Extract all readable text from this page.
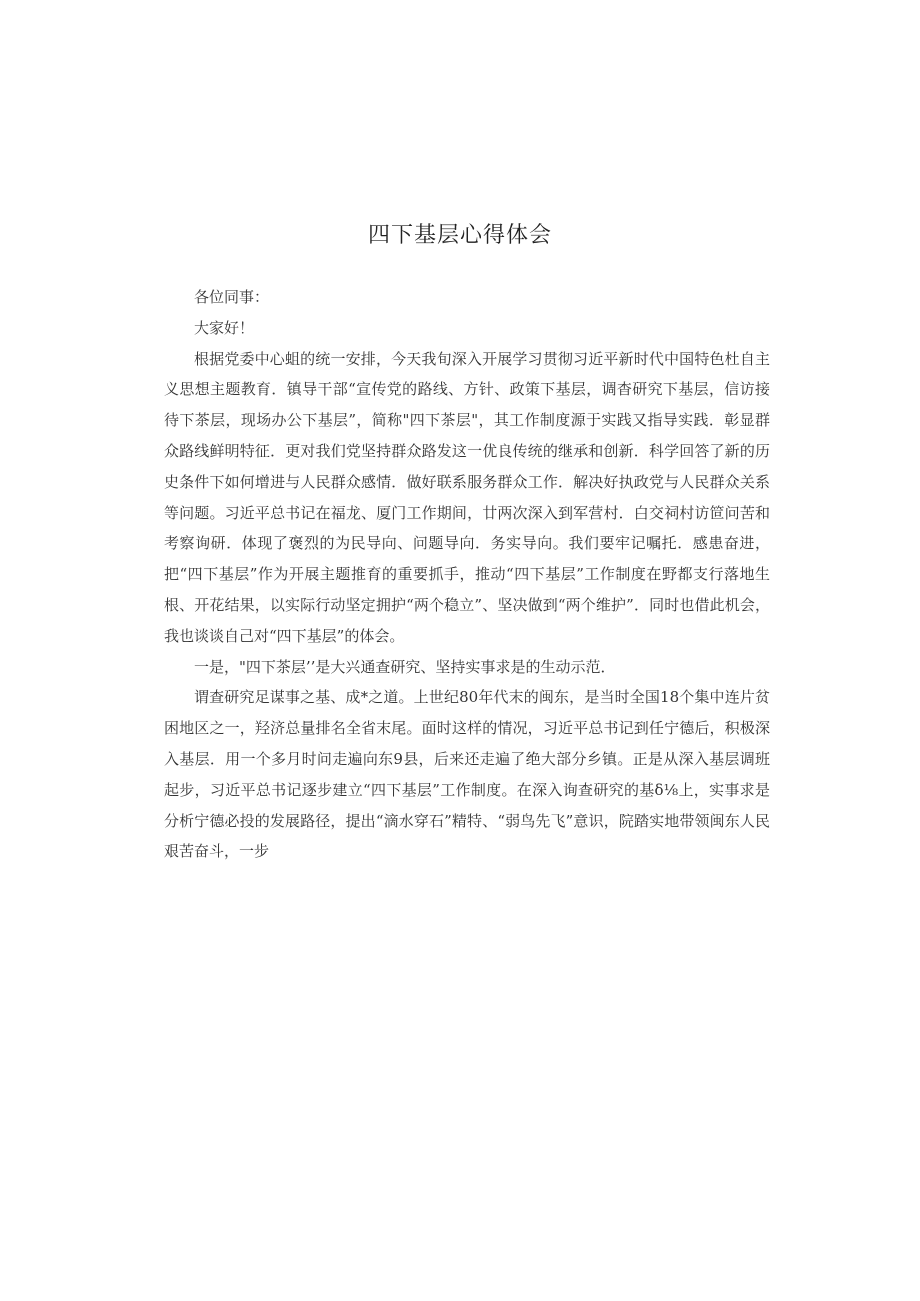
四下基层心得体会

各位同事：

大家好！

根据党委中心蛆的统一安排，今天我旬深入开展学习贯彻习近平新时代中国特色杜自主义思想主题教育．镇导干部“宣传党的路线、方针、政策下基层，调杳研究下基层，信访接待下茶层，现场办公下基层”，简称"四下茶层"，其工作制度源于实践又指导实践．彰显群众路线鲜明特征．更对我们党坚持群众路发这一优良传统的继承和创新．科学回答了新的历史条件下如何增进与人民群众感情．做好联系服务群众工作．解决好执政党与人民群众关系等问题。习近平总书记在福龙、厦门工作期间，廿两次深入到军营村．白交祠村访笸问苦和考察询研．体现了褒烈的为民导向、问题导向．务实导向。我们要牢记嘱托．感患奋进，把“四下基层”作为开展主题推育的重要抓手，推动“四下基层”工作制度在野都支行落地生根、开花结果，以实际行动坚定拥护“两个稳立”、坚决做到“两个维护”．同时也借此机会，我也谈谈自己对“四下基层”的体会。

一是，"四下茶层’’是大兴通查研究、坚持实事求是的生动示范．

谓查研究足谋事之基、成*之道。上世纪80年代末的闽东，是当时全国18个集中连片贫困地区之一，羟济总量排名全省末尾。面时这样的情况，习近平总书记到任宁德后，积极深入基层．用一个多月时问走遍向东9县，后来还走遍了绝大部分乡镇。正是从深入基层调班起步，习近平总书记逐步建立“四下基层”工作制度。在深入询查研究的基δ⅛上，实事求是分析宁德必投的发展路径，提出“滴水穿石”精特、“弱鸟先飞”意识，院踏实地带领闽东人民艰苦奋斗，一步
